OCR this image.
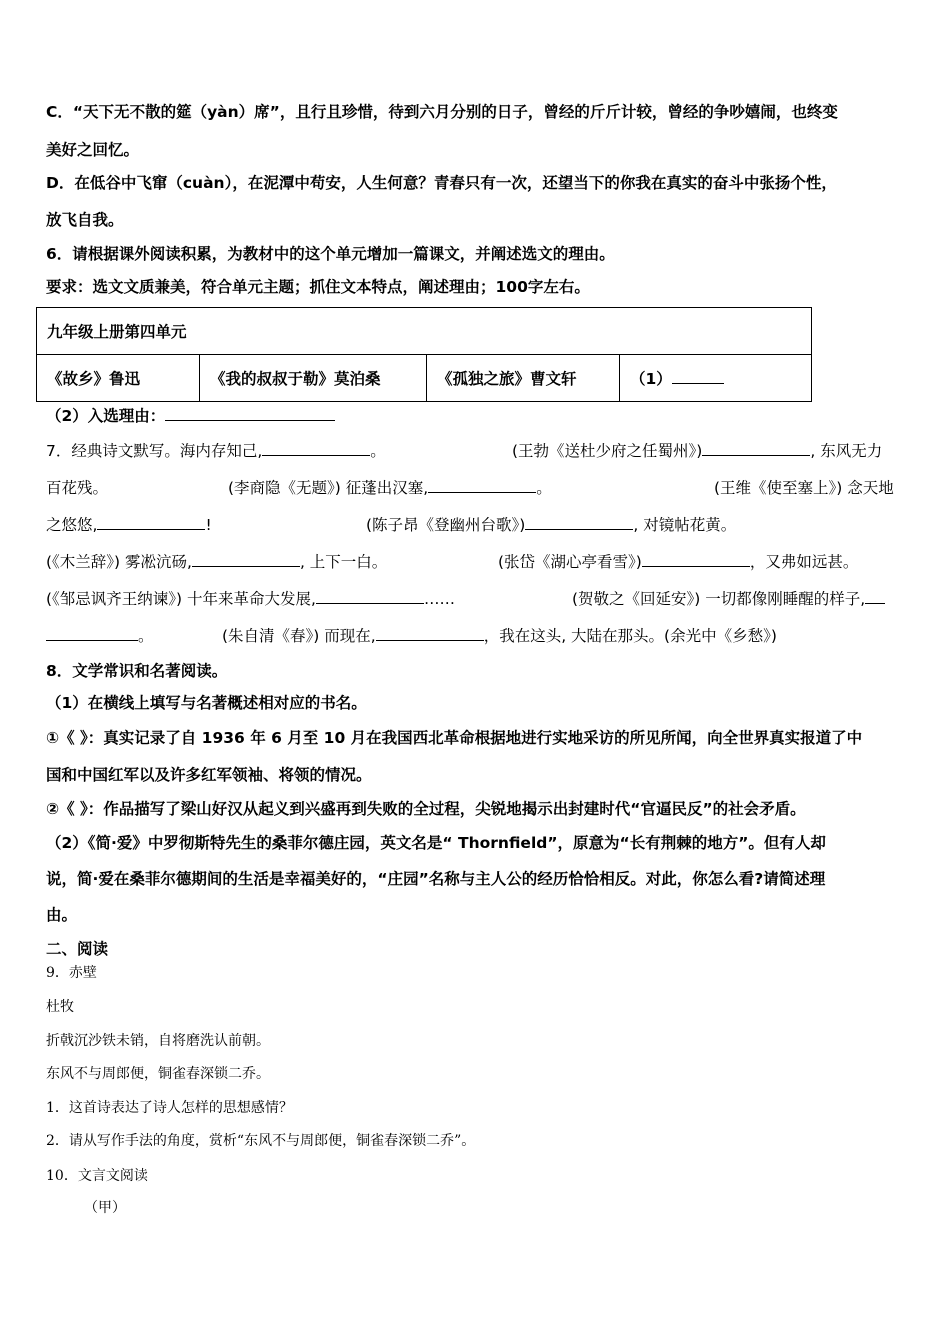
C．“天下无不散的筵（yàn）席”，且行且珍惜，待到六月分别的日子，曾经的斤斤计较，曾经的争吵嬉闹，也终变
美好之回忆。
D．在低谷中飞窜（cuàn），在泥潭中苟安，人生何意？青春只有一次，还望当下的你我在真实的奋斗中张扬个性，
放飞自我。
6．请根据课外阅读积累，为教材中的这个单元增加一篇课文，并阐述选文的理由。
要求：选文文质兼美，符合单元主题；抓住文本特点，阐述理由；100字左右。
九年级上册第四单元
《故乡》鲁迅	《我的叔叔于勒》莫泊桑	《孤独之旅》曹文轩	（1）
（2）入选理由：
7．经典诗文默写。海内存知己,	。	(王勃《送杜少府之任蜀州》)	, 东风无力
百花残。	(李商隐《无题》) 征蓬出汉塞,	。	(王维《使至塞上》) 念天地
之悠悠,	!	(陈子昂《登幽州台歌》)	, 对镜帖花黄。
(《木兰辞》) 雾凇沆砀,	, 上下一白。	(张岱《湖心亭看雪》)	，又弗如远甚。
(《邹忌讽齐王纳谏》) 十年来革命大发展,	……	(贺敬之《回延安》) 一切都像刚睡醒的样子,
。	(朱自清《春》) 而现在,	，我在这头, 大陆在那头。(余光中《乡愁》)
8．文学常识和名著阅读。
（1）在横线上填写与名著概述相对应的书名。
①《 》：真实记录了自 1936 年 6 月至 10 月在我国西北革命根据地进行实地采访的所见所闻，向全世界真实报道了中
国和中国红军以及许多红军领袖、将领的情况。
②《 》：作品描写了梁山好汉从起义到兴盛再到失败的全过程，尖锐地揭示出封建时代“官逼民反”的社会矛盾。
（2）《简·爱》中罗彻斯特先生的桑菲尔德庄园，英文名是“ Thornfield”，原意为“长有荆棘的地方”。但有人却
说，简·爱在桑菲尔德期间的生活是幸福美好的，“庄园”名称与主人公的经历恰恰相反。对此，你怎么看?请简述理
由。
二、阅读
9．赤壁
杜牧
折戟沉沙铁未销，自将磨洗认前朝。
东风不与周郎便，铜雀春深锁二乔。
1．这首诗表达了诗人怎样的思想感情？
2．请从写作手法的角度，赏析“东风不与周郎便，铜雀春深锁二乔”。
10．文言文阅读
（甲）
